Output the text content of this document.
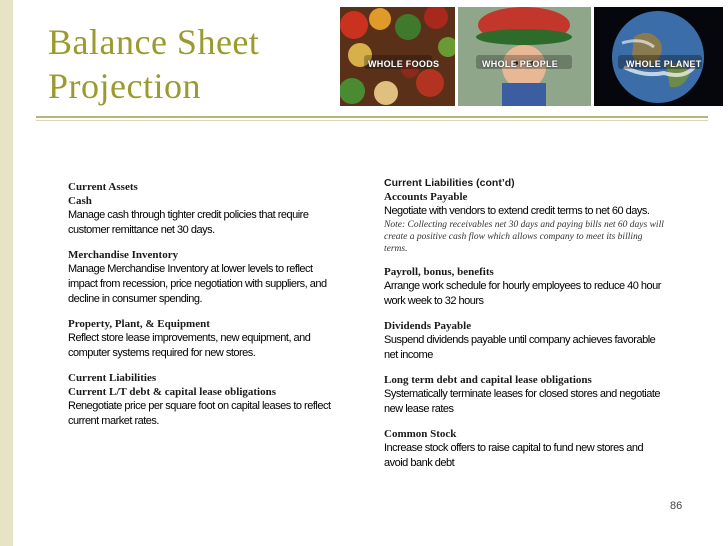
Balance Sheet
Projection
WHOLE FOODS	WHOLE PEOPLE	WHOLE PLANET
Current Assets
Cash
Manage cash through tighter credit policies that require customer remittance net 30 days.
Merchandise Inventory
Manage Merchandise Inventory at lower levels to reflect impact from recession, price negotiation with suppliers, and decline in consumer spending.
Property, Plant, & Equipment
Reflect store lease improvements, new equipment, and computer systems required for new stores.
Current Liabilities
Current L/T debt & capital lease obligations
Renegotiate price per square foot on capital leases to reflect current market rates.
Current Liabilities (cont’d)
Accounts Payable
Negotiate with vendors to extend credit terms to net 60 days.
Note: Collecting receivables net 30 days and paying bills net 60 days will create a positive cash flow which allows company to meet its billing terms.
Payroll, bonus, benefits
Arrange work schedule for hourly employees to reduce 40 hour work week to 32 hours
Dividends Payable
Suspend dividends payable until company achieves favorable net income
Long term debt and capital lease obligations
Systematically terminate leases for closed stores and negotiate new lease rates
Common Stock
Increase stock offers to raise capital to fund new stores and avoid bank debt
86
